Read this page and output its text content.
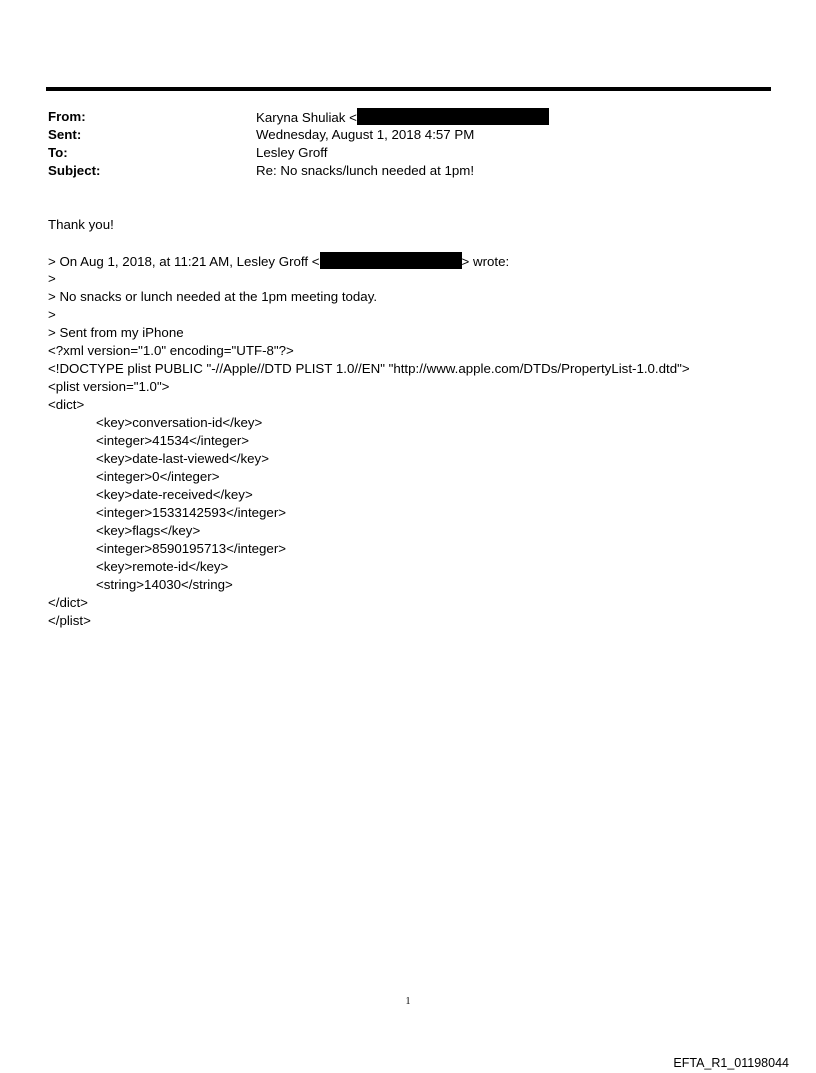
From:	Karyna Shuliak <
Sent:	Wednesday, August 1, 2018 4:57 PM
To:	Lesley Groff
Subject:	Re: No snacks/lunch needed at 1pm!
Thank you!
> On Aug 1, 2018, at 11:21 AM, Lesley Groff <	> wrote:
>
> No snacks or lunch needed at the 1pm meeting today.
>
> Sent from my iPhone
<?xml version="1.0" encoding="UTF-8"?>
<!DOCTYPE plist PUBLIC "-//Apple//DTD PLIST 1.0//EN" "http://www.apple.com/DTDs/PropertyList-1.0.dtd">
<plist version="1.0">
<dict>
<key>conversation-id</key>
<integer>41534</integer>
<key>date-last-viewed</key>
<integer>0</integer>
<key>date-received</key>
<integer>1533142593</integer>
<key>flags</key>
<integer>8590195713</integer>
<key>remote-id</key>
<string>14030</string>
</dict>
</plist>
1
EFTA_R1_01198044
